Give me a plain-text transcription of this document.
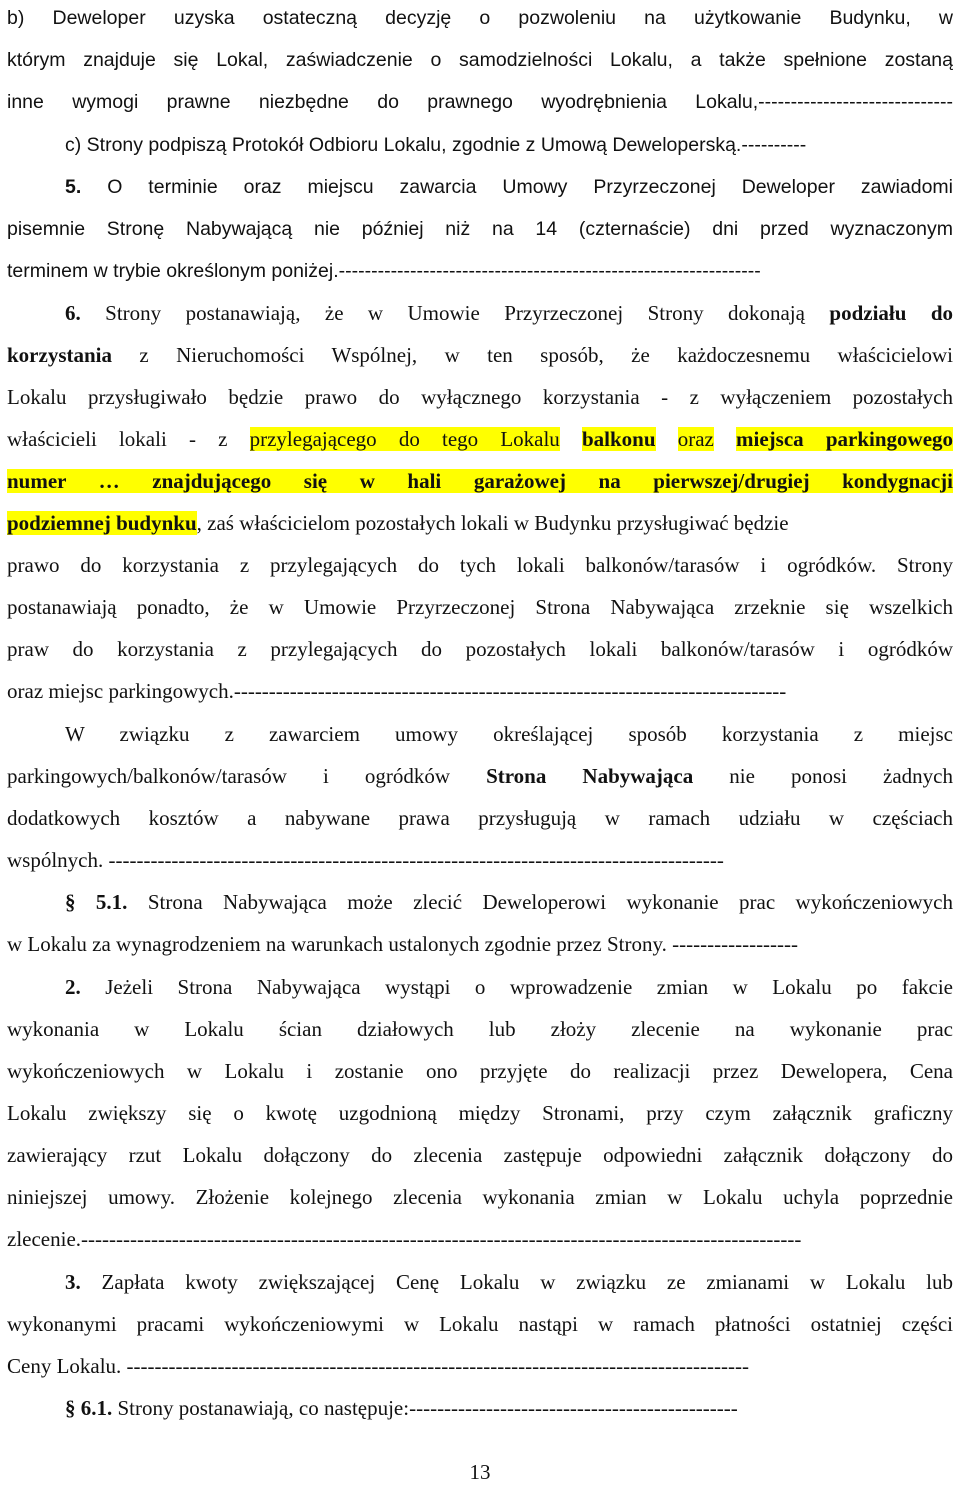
b) Deweloper uzyska ostateczną decyzję o pozwoleniu na użytkowanie Budynku, w
którym znajduje się Lokal, zaświadczenie o samodzielności Lokalu, a także spełnione zostaną
inne wymogi prawne niezbędne do prawnego wyodrębnienia Lokalu,------------------------------
c) Strony podpiszą Protokół Odbioru Lokalu, zgodnie z Umową Deweloperską.----------
5. O terminie oraz miejscu zawarcia Umowy Przyrzeczonej Deweloper zawiadomi
pisemnie Stronę Nabywającą nie później niż na 14 (czternaście) dni przed wyznaczonym
terminem w trybie określonym poniżej.-----------------------------------------------------------------
6. Strony postanawiają, że w Umowie Przyrzeczonej Strony dokonają podziału do
korzystania z Nieruchomości Wspólnej, w ten sposób, że każdoczesnemu właścicielowi
Lokalu przysługiwało będzie prawo do wyłącznego korzystania - z wyłączeniem pozostałych
właścicieli lokali - z przylegającego do tego Lokalu balkonu oraz miejsca parkingowego
numer … znajdującego się w hali garażowej na pierwszej/drugiej kondygnacji
podziemnej budynku, zaś właścicielom pozostałych lokali w Budynku przysługiwać będzie
prawo do korzystania z przylegających do tych lokali balkonów/tarasów i ogródków. Strony
postanawiają ponadto, że w Umowie Przyrzeczonej Strona Nabywająca zrzeknie się wszelkich
praw do korzystania z przylegających do pozostałych lokali balkonów/tarasów i ogródków
oraz miejsc parkingowych.-------------------------------------------------------------------------------
W związku z zawarciem umowy określającej sposób korzystania z miejsc
parkingowych/balkonów/tarasów i ogródków Strona Nabywająca nie ponosi żadnych
dodatkowych kosztów a nabywane prawa przysługują w ramach udziału w częściach
wspólnych. ----------------------------------------------------------------------------------------
§ 5.1. Strona Nabywająca może zlecić Deweloperowi wykonanie prac wykończeniowych
w Lokalu za wynagrodzeniem na warunkach ustalonych zgodnie przez Strony. ------------------
2. Jeżeli Strona Nabywająca wystąpi o wprowadzenie zmian w Lokalu po fakcie
wykonania w Lokalu ścian działowych lub złoży zlecenie na wykonanie prac
wykończeniowych w Lokalu i zostanie ono przyjęte do realizacji przez Dewelopera, Cena
Lokalu zwiększy się o kwotę uzgodnioną między Stronami, przy czym załącznik graficzny
zawierający rzut Lokalu dołączony do zlecenia zastępuje odpowiedni załącznik dołączony do
niniejszej umowy. Złożenie kolejnego zlecenia wykonania zmian w Lokalu uchyla poprzednie
zlecenie.-------------------------------------------------------------------------------------------------------
3. Zapłata kwoty zwiększającej Cenę Lokalu w związku ze zmianami w Lokalu lub
wykonanymi pracami wykończeniowymi w Lokalu nastąpi w ramach płatności ostatniej części
Ceny Lokalu. -----------------------------------------------------------------------------------------
§ 6.1. Strony postanawiają, co następuje:-----------------------------------------------
13
